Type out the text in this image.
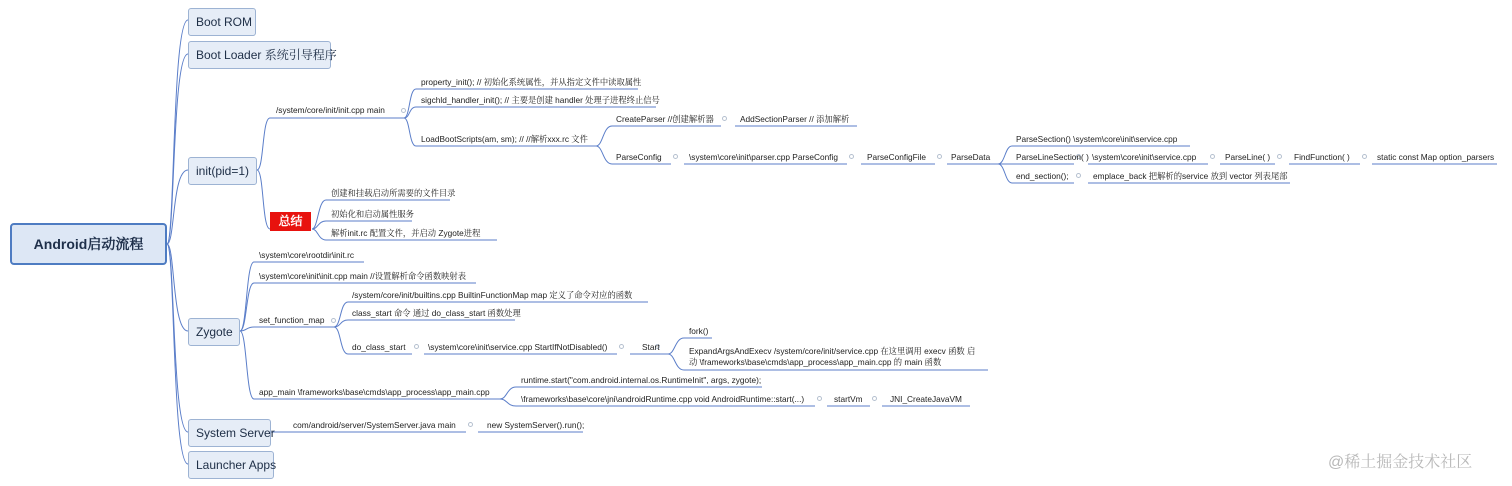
Android启动流程
Boot ROM
Boot Loader 系统引导程序
init(pid=1)
Zygote
System Server
Launcher Apps
/system/core/init/init.cpp main
property_init(); // 初始化系统属性，并从指定文件中读取属性
sigchld_handler_init(); // 主要是创建 handler 处理子进程终止信号
LoadBootScripts(am, sm); // //解析xxx.rc 文件
CreateParser //创建解析器	AddSectionParser // 添加解析
ParseConfig	\system\core\init\parser.cpp ParseConfig	ParseConfigFile	ParseData
ParseSection() \system\core\init\service.cpp
ParseLineSection( ) \system\core\init\service.cpp	ParseLine( )	FindFunction( )	static const Map option_parsers
end_section();	emplace_back 把解析的service 放到 vector 列表尾部
总结
创建和挂载启动所需要的文件目录
初始化和启动属性服务
解析init.rc 配置文件，并启动 Zygote进程
\system\core\rootdir\init.rc
\system\core\init\init.cpp main //设置解析命令函数映射表
set_function_map
/system/core/init/builtins.cpp BuiltinFunctionMap map 定义了命令对应的函数
class_start 命令 通过 do_class_start 函数处理
do_class_start	\system\core\init\service.cpp StartIfNotDisabled()	Start
fork()
ExpandArgsAndExecv /system/core/init/service.cpp 在这里调用 execv 函数 启
动 \frameworks\base\cmds\app_process\app_main.cpp 的 main 函数
app_main \frameworks\base\cmds\app_process\app_main.cpp
runtime.start("com.android.internal.os.RuntimeInit", args, zygote);
\frameworks\base\core\jni\androidRuntime.cpp void AndroidRuntime::start(...)	startVm	JNI_CreateJavaVM
com/android/server/SystemServer.java main	new SystemServer().run();
@稀土掘金技术社区
